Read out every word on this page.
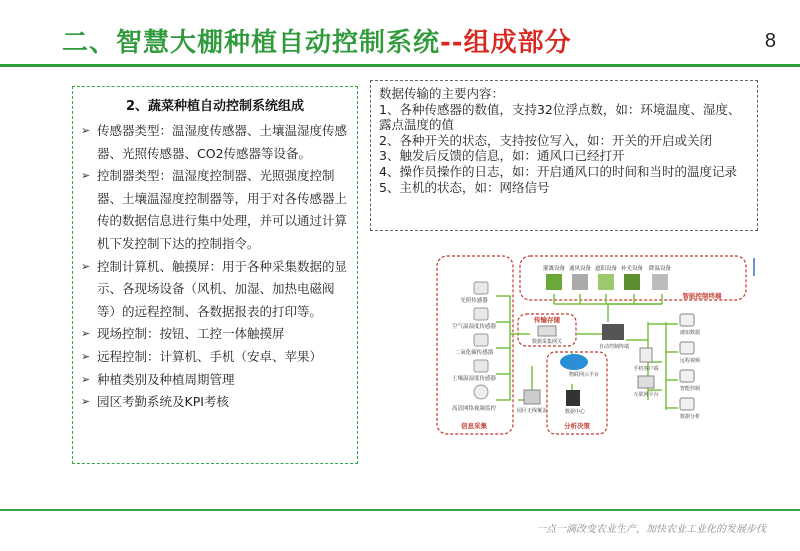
二、智慧大棚种植自动控制系统--组成部分	8
2、蔬菜种植自动控制系统组成
➢ 传感器类型：温湿度传感器、土壤温湿度传感器、光照传感器、CO2传感器等设备。
➢ 控制器类型：温湿度控制器、光照强度控制器、土壤温湿度控制器等，用于对各传感器上传的数据信息进行集中处理，并可以通过计算机下发控制下达的控制指令。
➢ 控制计算机、触摸屏：用于各种采集数据的显示、各现场设备（风机、加湿、加热电磁阀等）的远程控制、各数据报表的打印等。
➢ 现场控制：按钮、工控一体触摸屏
➢ 远程控制：计算机、手机（安卓、苹果）
➢ 种植类别及种植周期管理
➢ 园区考勤系统及KPI考核
数据传输的主要内容：
1、各种传感器的数值，支持32位浮点数，如：环境温度、湿度、露点温度的值
2、各种开关的状态，支持按位写入，如：开关的开启或关闭
3、触发后反馈的信息，如：通风口已经打开
4、操作员操作的日志，如：开启通风口的时间和当时的温度记录
5、主机的状态，如：网络信号
光照传感器
空气温湿度传感器
二氧化碳传感器
土壤温湿度传感器
高清网络视频监控
灌溉设备 通风设备 遮阳设备 补光设备 降温设备
智能控制终端
传输存储
数据采集网关
自动控制终端
物联网云平台
园区无线覆盖	数据中心
手机客户端
互联网平台
感知数据
远程视频
智能控制
数据分析
信息采集	分析决策
一点一滴改变农业生产，加快农业工业化的发展步伐
